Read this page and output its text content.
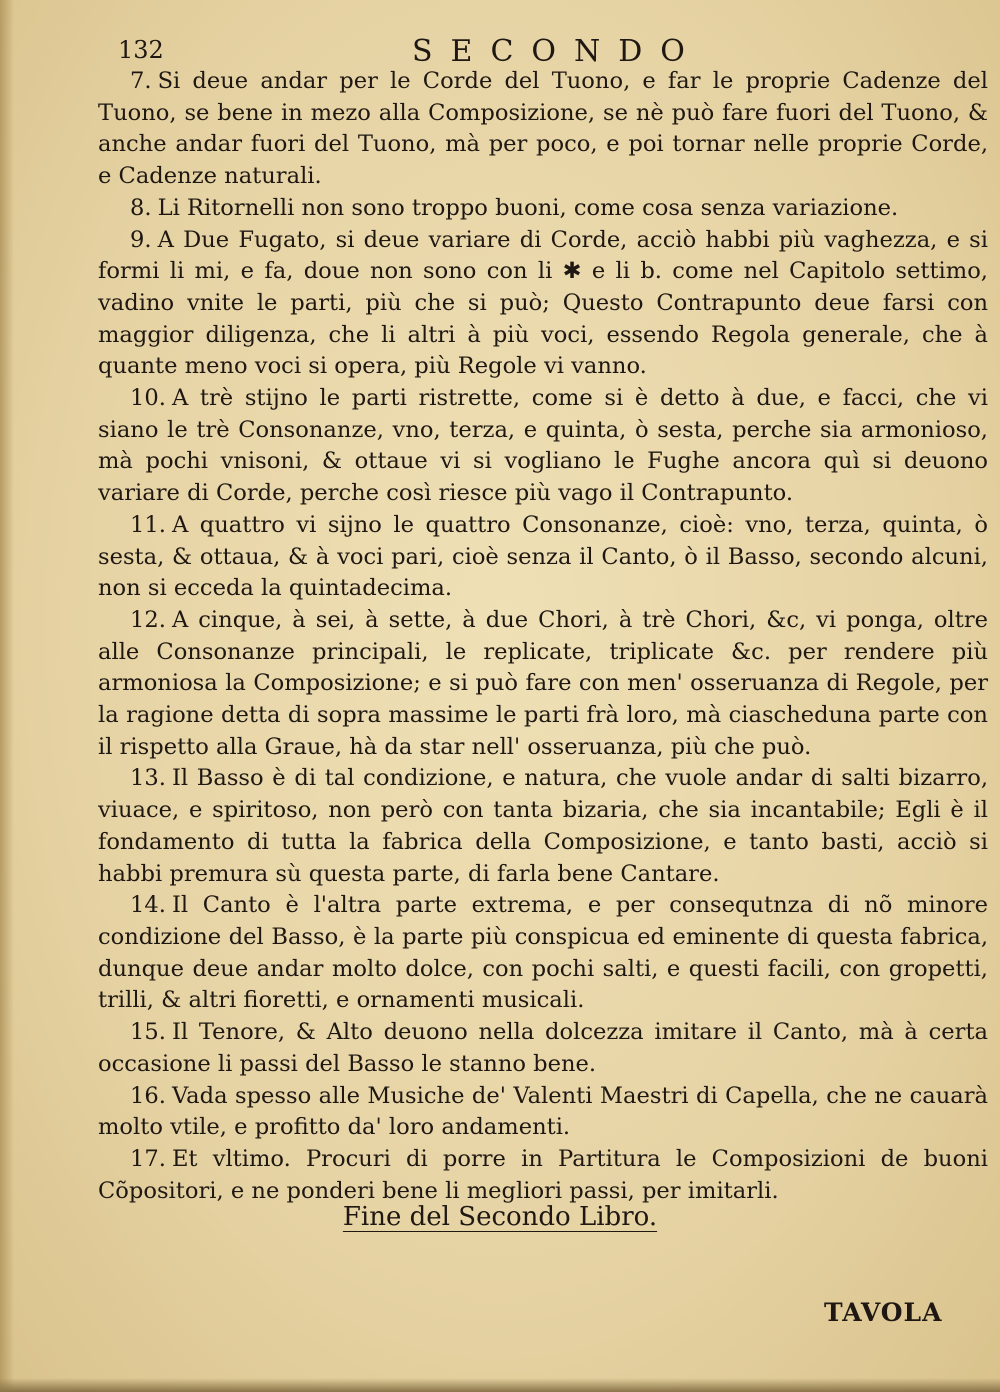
132	SECONDO

7. Si deue andar per le Corde del Tuono, e far le proprie Cadenze del Tuono, se bene in mezo alla Composizione, se nè può fare fuori del Tuono, & anche andar fuori del Tuono, mà per poco, e poi tornar nelle proprie Corde, e Cadenze naturali.

8. Li Ritornelli non sono troppo buoni, come cosa senza variazione.

9. A Due Fugato, si deue variare di Corde, acciò habbi più vaghezza, e si formi li mi, e fa, doue non sono con li ✱ e li b. come nel Capitolo settimo, vadino vnite le parti, più che si può; Questo Contrapunto deue farsi con maggior diligenza, che li altri à più voci, essendo Regola generale, che à quante meno voci si opera, più Regole vi vanno.

10. A trè stijno le parti ristrette, come si è detto à due, e facci, che vi siano le trè Consonanze, vno, terza, e quinta, ò sesta, perche sia armonioso, mà pochi vnisoni, & ottaue vi si vogliano le Fughe ancora quì si deuono variare di Corde, perche così riesce più vago il Contrapunto.

11. A quattro vi sijno le quattro Consonanze, cioè: vno, terza, quinta, ò sesta, & ottaua, & à voci pari, cioè senza il Canto, ò il Basso, secondo alcuni, non si ecceda la quintadecima.

12. A cinque, à sei, à sette, à due Chori, à trè Chori, &c, vi ponga, oltre alle Consonanze principali, le replicate, triplicate &c. per rendere più armoniosa la Composizione; e si può fare con men' osseruanza di Regole, per la ragione detta di sopra massime le parti frà loro, mà ciascheduna parte con il rispetto alla Graue, hà da star nell' osseruanza, più che può.

13. Il Basso è di tal condizione, e natura, che vuole andar di salti bizarro, viuace, e spiritoso, non però con tanta bizaria, che sia incantabile; Egli è il fondamento di tutta la fabrica della Composizione, e tanto basti, acciò si habbi premura sù questa parte, di farla bene Cantare.

14. Il Canto è l'altra parte extrema, e per consequtnza di nõ minore condizione del Basso, è la parte più conspicua ed eminente di questa fabrica, dunque deue andar molto dolce, con pochi salti, e questi facili, con gropetti, trilli, & altri fioretti, e ornamenti musicali.

15. Il Tenore, & Alto deuono nella dolcezza imitare il Canto, mà à certa occasione li passi del Basso le stanno bene.

16. Vada spesso alle Musiche de' Valenti Maestri di Capella, che ne cauarà molto vtile, e profitto da' loro andamenti.

17. Et vltimo. Procuri di porre in Partitura le Composizioni de buoni Cõpositori, e ne ponderi bene li megliori passi, per imitarli.

Fine del Secondo Libro.
TAVOLA
